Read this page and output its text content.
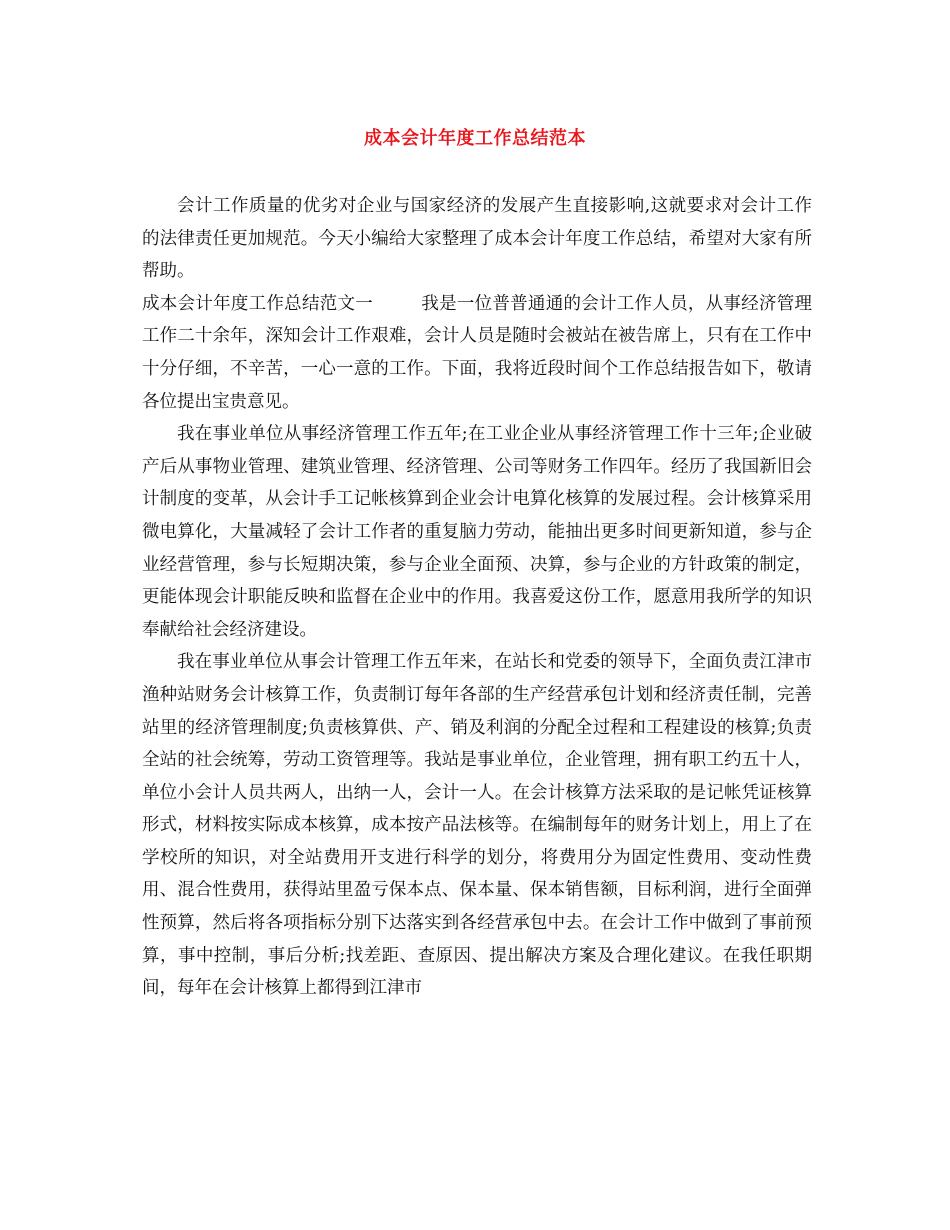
成本会计年度工作总结范本

会计工作质量的优劣对企业与国家经济的发展产生直接影响,这就要求对会计工作的法律责任更加规范。今天小编给大家整理了成本会计年度工作总结，希望对大家有所帮助。

成本会计年度工作总结范文一	我是一位普普通通的会计工作人员，从事经济管理工作二十余年，深知会计工作艰难，会计人员是随时会被站在被告席上，只有在工作中十分仔细，不辛苦，一心一意的工作。下面，我将近段时间个工作总结报告如下，敬请各位提出宝贵意见。

我在事业单位从事经济管理工作五年;在工业企业从事经济管理工作十三年;企业破产后从事物业管理、建筑业管理、经济管理、公司等财务工作四年。经历了我国新旧会计制度的变革，从会计手工记帐核算到企业会计电算化核算的发展过程。会计核算采用微电算化，大量减轻了会计工作者的重复脑力劳动，能抽出更多时间更新知道，参与企业经营管理，参与长短期决策，参与企业全面预、决算，参与企业的方针政策的制定，更能体现会计职能反映和监督在企业中的作用。我喜爱这份工作，愿意用我所学的知识奉献给社会经济建设。

我在事业单位从事会计管理工作五年来，在站长和党委的领导下，全面负责江津市渔种站财务会计核算工作，负责制订每年各部的生产经营承包计划和经济责任制，完善站里的经济管理制度;负责核算供、产、销及利润的分配全过程和工程建设的核算;负责全站的社会统筹，劳动工资管理等。我站是事业单位，企业管理，拥有职工约五十人，单位小会计人员共两人，出纳一人，会计一人。在会计核算方法采取的是记帐凭证核算形式，材料按实际成本核算，成本按产品法核等。在编制每年的财务计划上，用上了在学校所的知识，对全站费用开支进行科学的划分，将费用分为固定性费用、变动性费用、混合性费用，获得站里盈亏保本点、保本量、保本销售额，目标利润，进行全面弹性预算，然后将各项指标分别下达落实到各经营承包中去。在会计工作中做到了事前预算，事中控制，事后分析;找差距、查原因、提出解决方案及合理化建议。在我任职期间，每年在会计核算上都得到江津市
